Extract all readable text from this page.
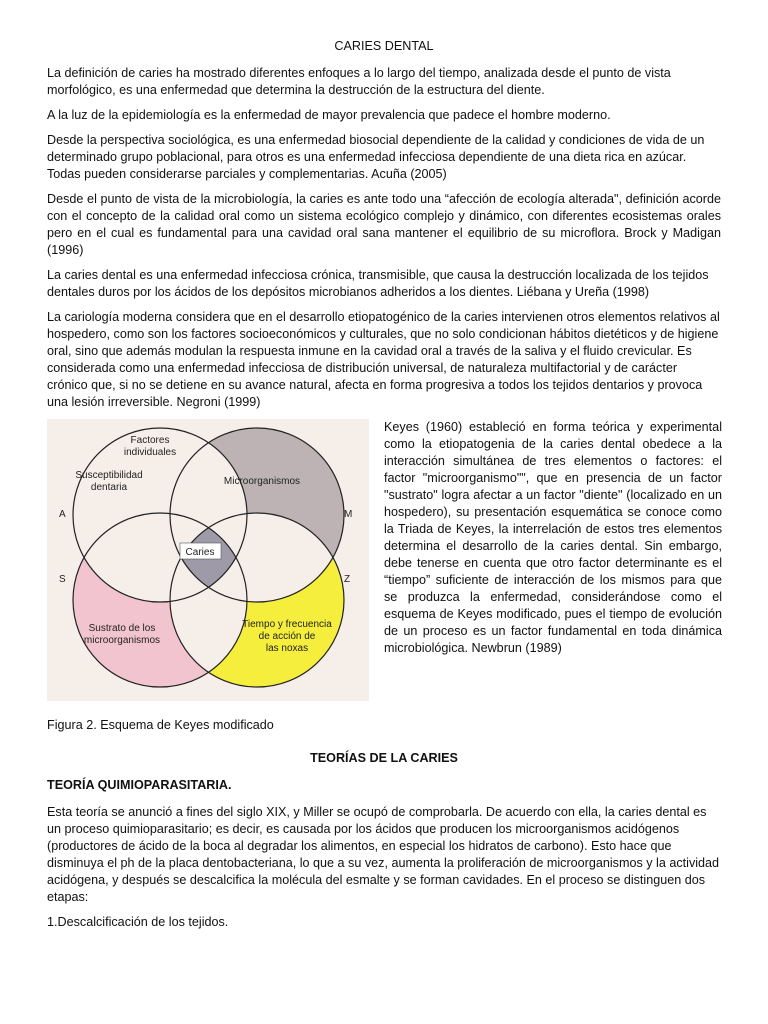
CARIES DENTAL

La definición de caries ha mostrado diferentes enfoques a lo largo del tiempo, analizada desde el punto de vista morfológico, es una enfermedad que determina la destrucción de la estructura del diente.

A la luz de la epidemiología es la enfermedad de mayor prevalencia que padece el hombre moderno.

Desde la perspectiva sociológica, es una enfermedad biosocial dependiente de la calidad y condiciones de vida de un determinado grupo poblacional, para otros es una enfermedad infecciosa dependiente de una dieta rica en azúcar. Todas pueden considerarse parciales y complementarias. Acuña (2005)

Desde el punto de vista de la microbiología, la caries es ante todo una “afección de ecología alterada", definición acorde con el concepto de la calidad oral como un sistema ecológico complejo y dinámico, con diferentes ecosistemas orales pero en el cual es fundamental para una cavidad oral sana mantener el equilibrio de su microflora. Brock y Madigan (1996)

La caries dental es una enfermedad infecciosa crónica, transmisible, que causa la destrucción localizada de los tejidos dentales duros por los ácidos de los depósitos microbianos adheridos a los dientes. Liébana y Ureña (1998)

La cariología moderna considera que en el desarrollo etiopatogénico de la caries intervienen otros elementos relativos al hospedero, como son los factores socioeconómicos y culturales, que no solo condicionan hábitos dietéticos y de higiene oral, sino que además modulan la respuesta inmune en la cavidad oral a través de la saliva y el fluido crevicular. Es considerada como una enfermedad infecciosa de distribución universal, de naturaleza multifactorial y de carácter crónico que, si no se detiene en su avance natural, afecta en forma progresiva a todos los tejidos dentarios y provoca una lesión irreversible. Negroni (1999)

Caries
Factores
individuales
Susceptibilidad
dentaria
Microorganismos
Sustrato de los
microorganismos
Tiempo y frecuencia
de acción de
las noxas
A	M
S	Z
Keyes (1960) estableció en forma teórica y experimental como la etiopatogenia de la caries dental obedece a la interacción simultánea de tres elementos o factores: el factor "microorganismo"", que en presencia de un factor "sustrato" logra afectar a un factor "diente" (localizado en un hospedero), su presentación esquemática se conoce como la Triada de Keyes, la interrelación de estos tres elementos determina el desarrollo de la caries dental. Sin embargo, debe tenerse en cuenta que otro factor determinante es el “tiempo” suficiente de interacción de los mismos para que se produzca la enfermedad, considerándose como el esquema de Keyes modificado, pues el tiempo de evolución de un proceso es un factor fundamental en toda dinámica microbiológica. Newbrun (1989)

Figura 2. Esquema de Keyes modificado

TEORÍAS DE LA CARIES
TEORÍA QUIMIOPARASITARIA.

Esta teoría se anunció a fines del siglo XIX, y Miller se ocupó de comprobarla. De acuerdo con ella, la caries dental es un proceso quimioparasitario; es decir, es causada por los ácidos que producen los microorganismos acidógenos (productores de ácido de la boca al degradar los alimentos, en especial los hidratos de carbono). Esto hace que disminuya el ph de la placa dentobacteriana, lo que a su vez, aumenta la proliferación de microorganismos y la actividad acidógena, y después se descalcifica la molécula del esmalte y se forman cavidades. En el proceso se distinguen dos etapas:

1.Descalcificación de los tejidos.
